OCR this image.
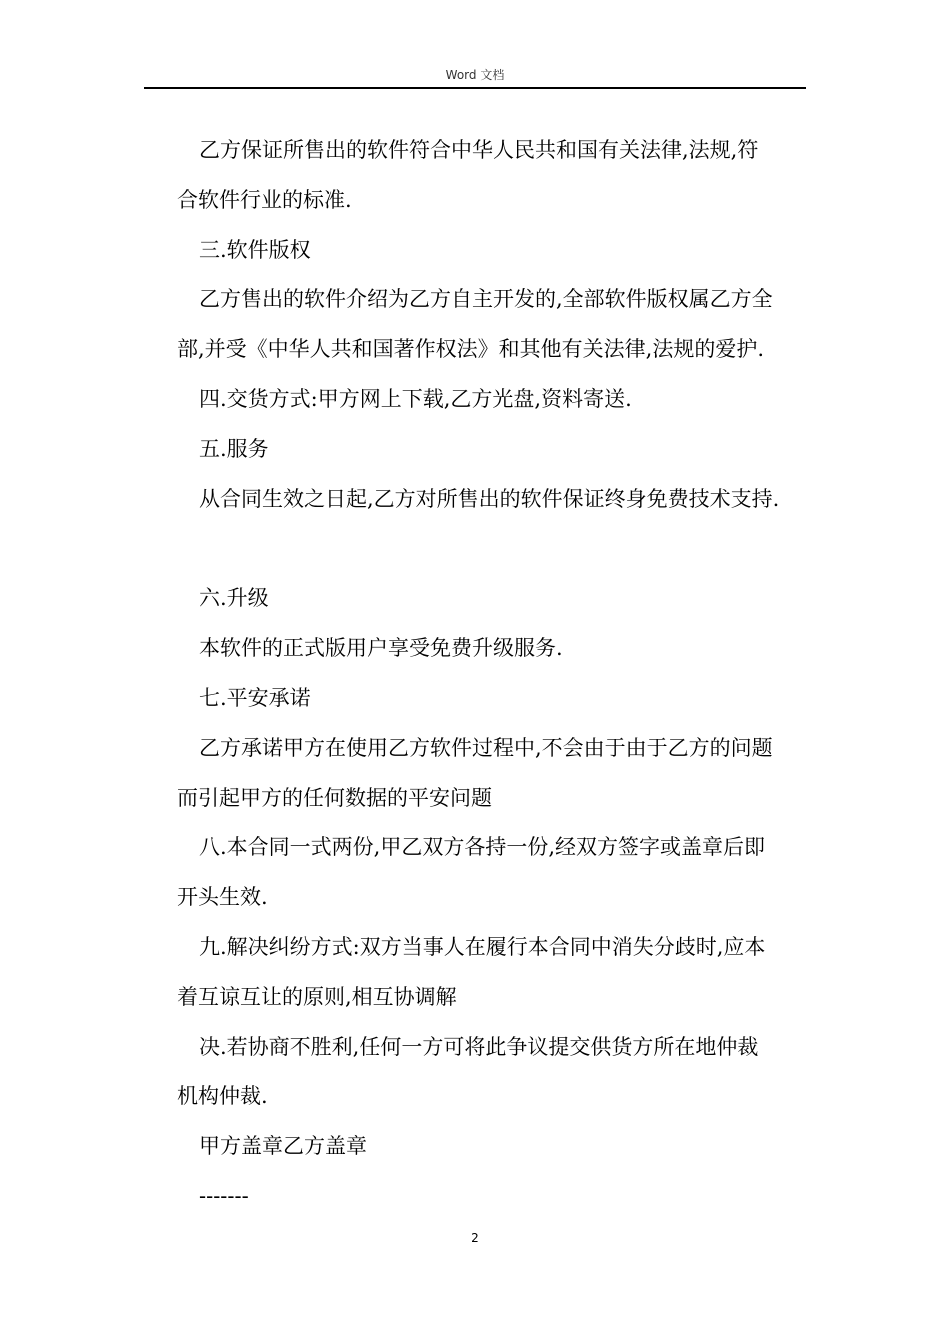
Word 文档
乙方保证所售出的软件符合中华人民共和国有关法律,法规,符
合软件行业的标准.
三.软件版权
乙方售出的软件介绍为乙方自主开发的,全部软件版权属乙方全
部,并受《中华人共和国著作权法》和其他有关法律,法规的爱护.
四.交货方式:甲方网上下载,乙方光盘,资料寄送.
五.服务
从合同生效之日起,乙方对所售出的软件保证终身免费技术支持.
六.升级
本软件的正式版用户享受免费升级服务.
七.平安承诺
乙方承诺甲方在使用乙方软件过程中,不会由于由于乙方的问题
而引起甲方的任何数据的平安问题
八.本合同一式两份,甲乙双方各持一份,经双方签字或盖章后即
开头生效.
九.解决纠纷方式:双方当事人在履行本合同中消失分歧时,应本
着互谅互让的原则,相互协调解
决.若协商不胜利,任何一方可将此争议提交供货方所在地仲裁
机构仲裁.
甲方盖章乙方盖章
-------
2
